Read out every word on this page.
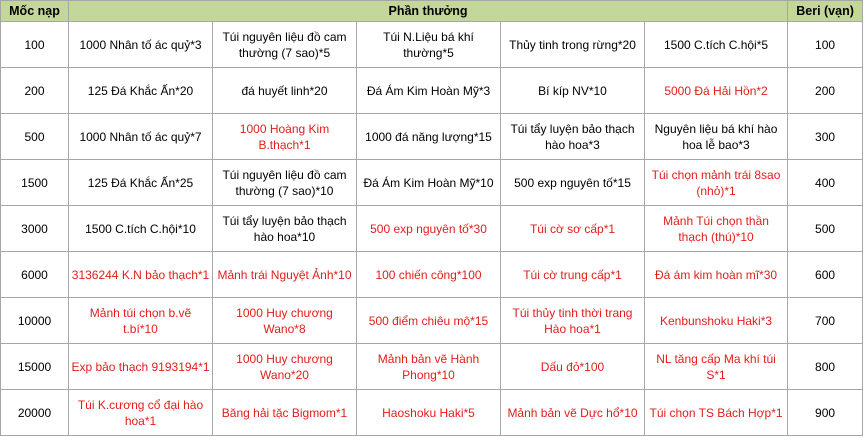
Mốc nạp	Phần thưởng					Beri (vạn)
100	1000 Nhân tố ác quỷ*3	Túi nguyên liệu đồ cam thường (7 sao)*5	Túi N.Liệu bá khí thường*5	Thủy tinh trong rừng*20	1500 C.tích C.hội*5	100
200	125 Đá Khắc Ấn*20	đá huyết linh*20	Đá Ám Kim Hoàn Mỹ*3	Bí kíp NV*10	5000 Đá Hải Hồn*2	200
500	1000 Nhân tố ác quỷ*7	1000 Hoàng Kim B.thạch*1	1000 đá năng lượng*15	Túi tẩy luyện bảo thạch hào hoa*3	Nguyên liệu bá khí hào hoa lễ bao*3	300
1500	125 Đá Khắc Ấn*25	Túi nguyên liệu đồ cam thường (7 sao)*10	Đá Ám Kim Hoàn Mỹ*10	500 exp nguyên tố*15	Túi chọn mảnh trái 8sao (nhỏ)*1	400
3000	1500 C.tích C.hội*10	Túi tẩy luyện bảo thạch hào hoa*10	500 exp nguyên tố*30	Túi cờ sơ cấp*1	Mảnh Túi chọn thần thạch (thú)*10	500
6000	3136244 K.N bảo thạch*1	Mảnh trái Nguyệt Ảnh*10	100 chiến công*100	Túi cờ trung cấp*1	Đá ám kim hoàn mĩ*30	600
10000	Mảnh túi chọn b.vẽ t.bí*10	1000 Huy chương Wano*8	500 điểm chiêu mộ*15	Túi thủy tinh thời trang Hào hoa*1	Kenbunshoku Haki*3	700
15000	Exp bảo thạch 9193194*1	1000 Huy chương Wano*20	Mảnh bản vẽ Hành Phong*10	Dấu đỏ*100	NL tăng cấp Ma khí túi S*1	800
20000	Túi K.cương cổ đại hào hoa*1	Băng hải tặc Bigmom*1	Haoshoku Haki*5	Mảnh bản vẽ Dực hổ*10	Túi chọn TS Bách Hợp*1	900
